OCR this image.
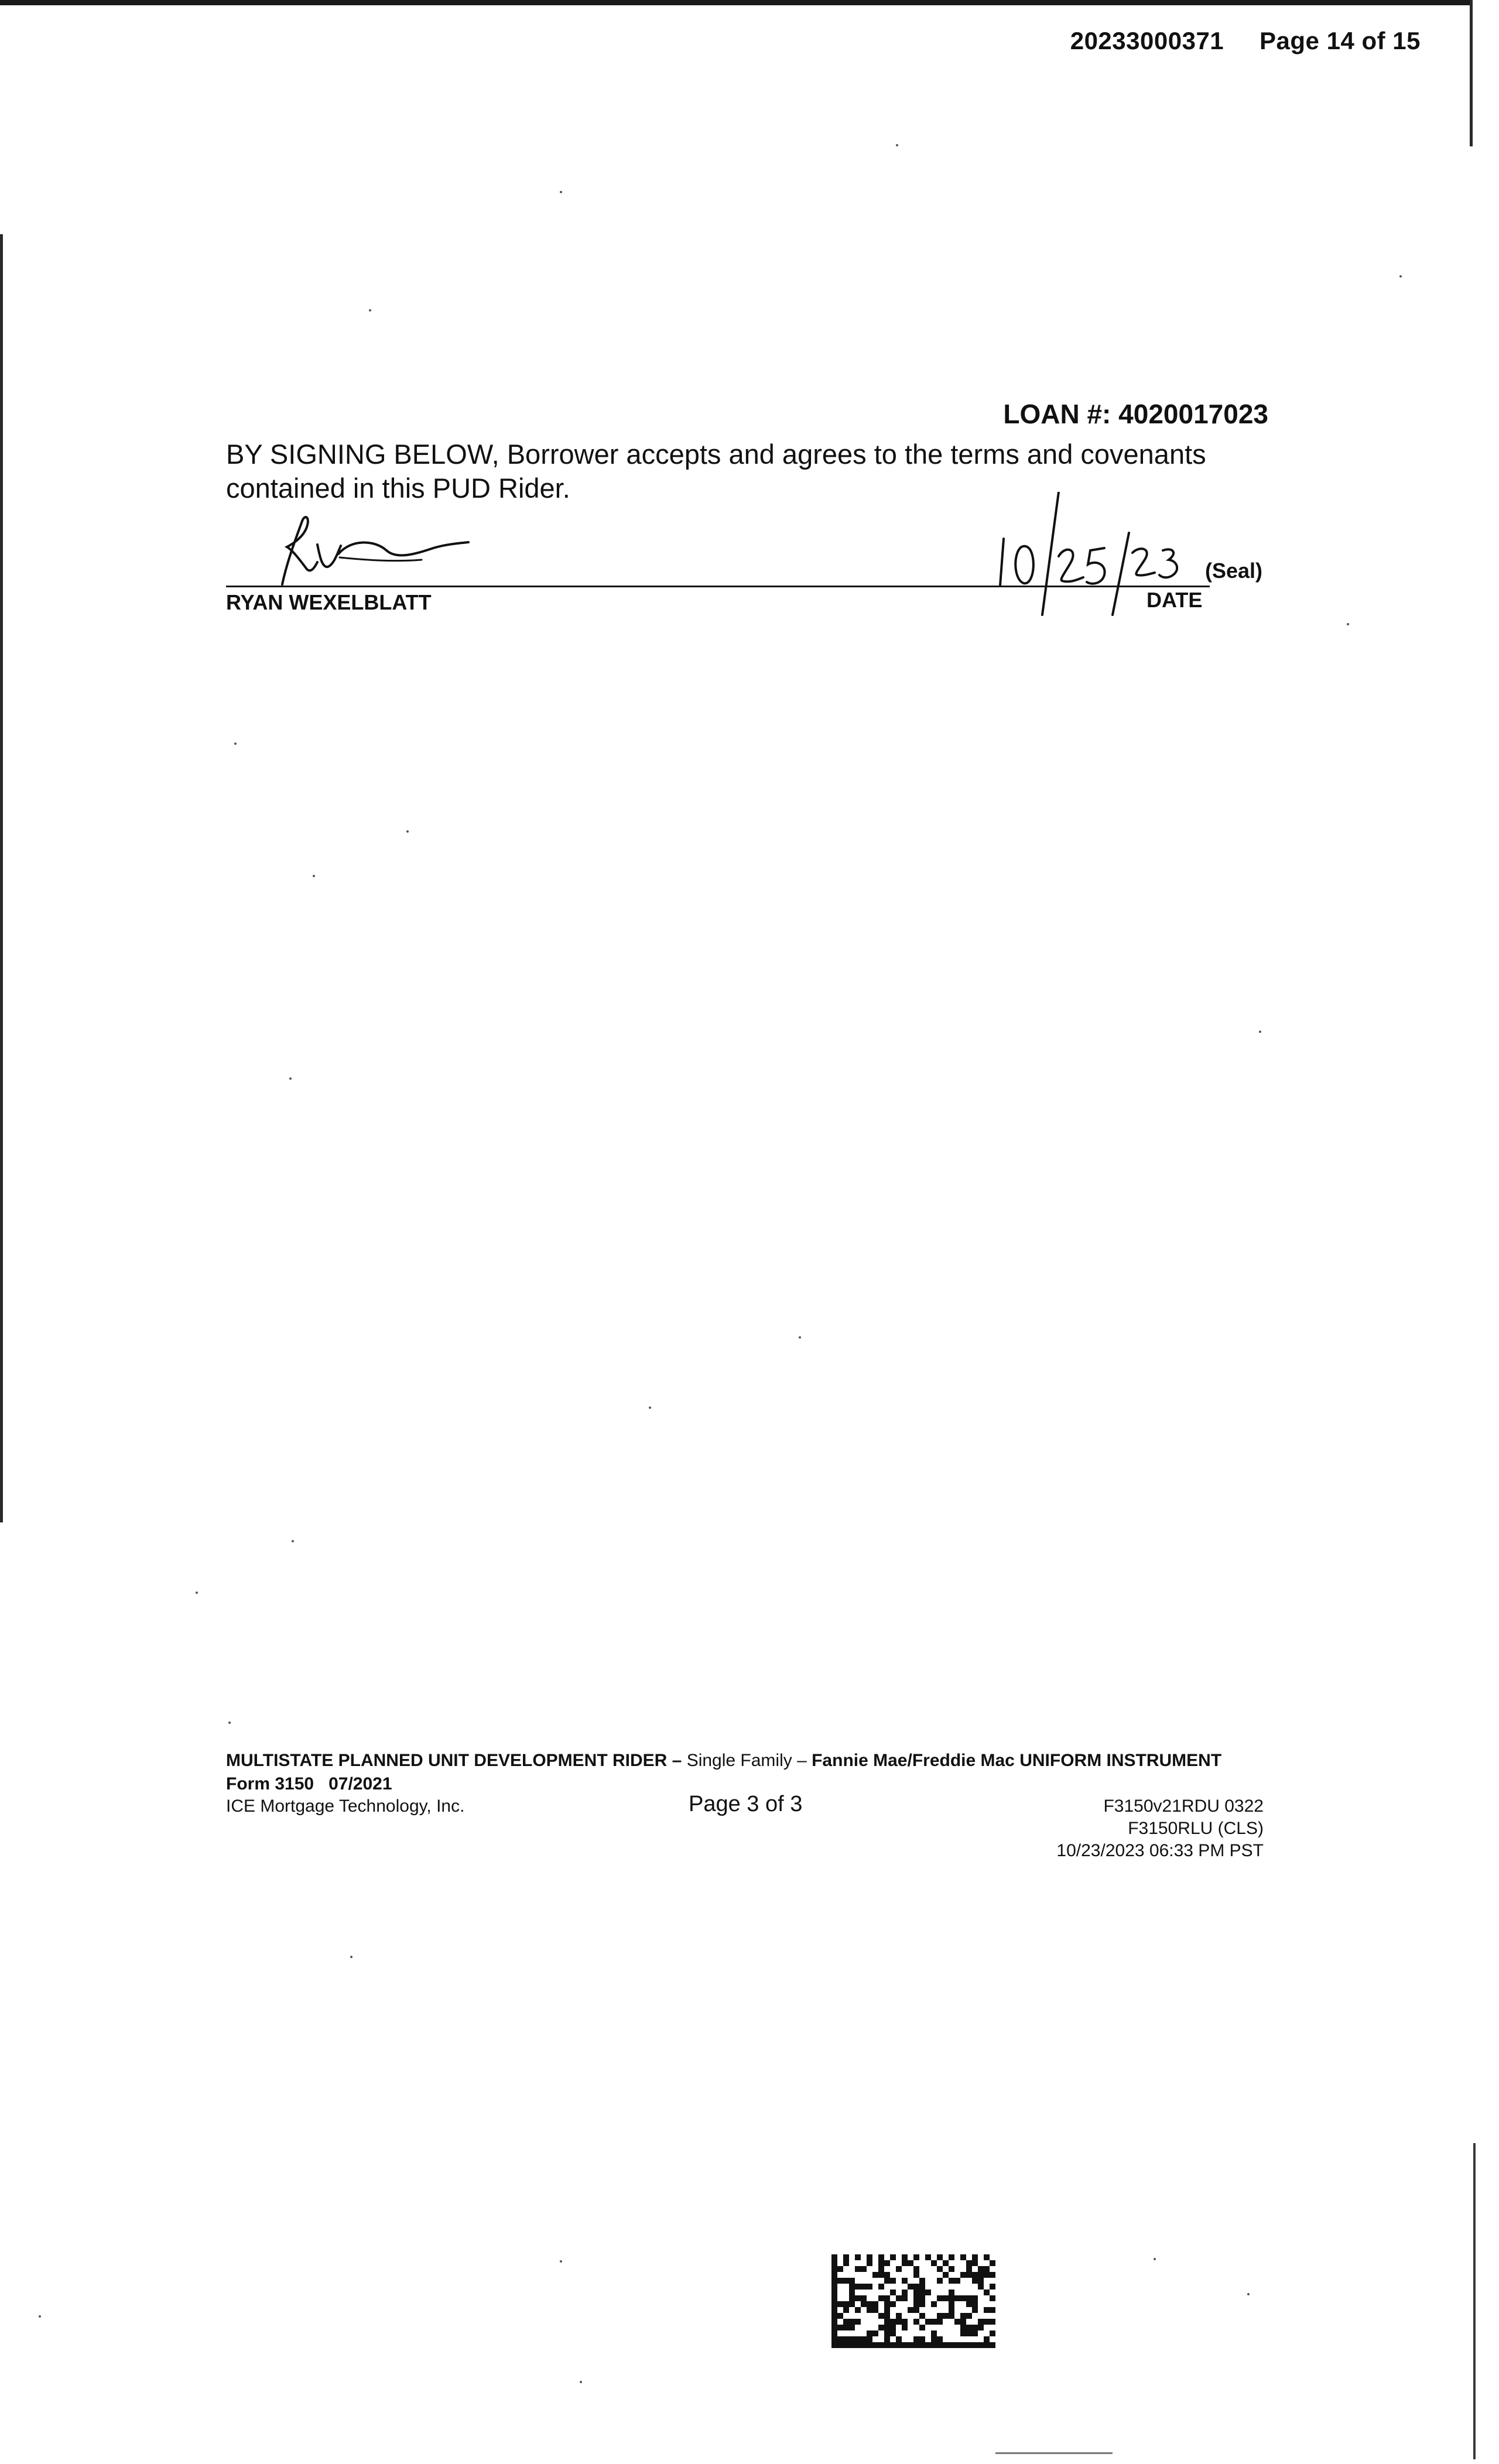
20233000371 Page 14 of 15
LOAN #: 4020017023
BY SIGNING BELOW, Borrower accepts and agrees to the terms and covenants
contained in this PUD Rider.
(Seal)
RYAN WEXELBLATT	DATE
MULTISTATE PLANNED UNIT DEVELOPMENT RIDER – Single Family – Fannie Mae/Freddie Mac UNIFORM INSTRUMENT
Form 3150   07/2021
ICE Mortgage Technology, Inc.	Page 3 of 3	F3150v21RDU 0322
F3150RLU (CLS)
10/23/2023 06:33 PM PST
